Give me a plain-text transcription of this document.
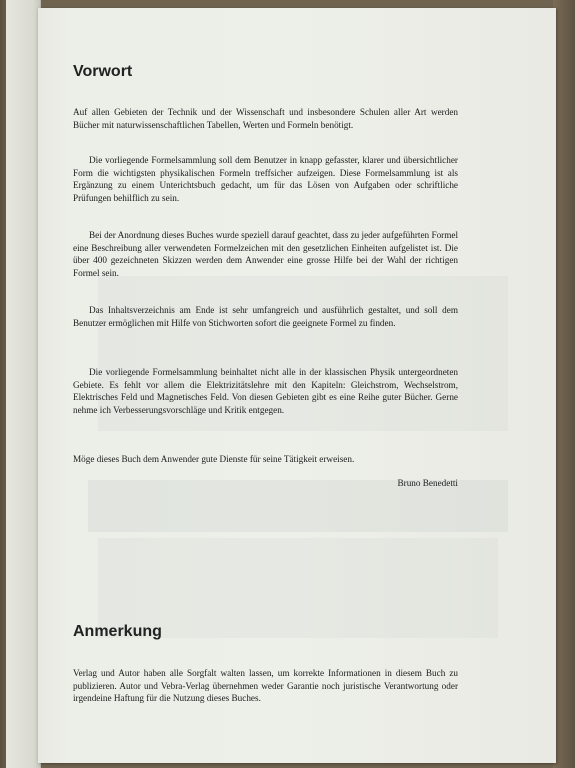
Vorwort

Auf allen Gebieten der Technik und der Wissenschaft und insbesondere Schulen aller Art werden Bücher mit naturwissenschaftlichen Tabellen, Werten und Formeln benötigt.

Die vorliegende Formelsammlung soll dem Benutzer in knapp gefasster, klarer und übersichtlicher Form die wichtigsten physikalischen Formeln treffsicher aufzeigen. Diese Formelsammlung ist als Ergänzung zu einem Unterichtsbuch gedacht, um für das Lösen von Aufgaben oder schriftliche Prüfungen behilflich zu sein.

Bei der Anordnung dieses Buches wurde speziell darauf geachtet, dass zu jeder aufgeführten Formel eine Beschreibung aller verwendeten Formelzeichen mit den gesetzlichen Einheiten aufgelistet ist. Die über 400 gezeichneten Skizzen werden dem Anwender eine grosse Hilfe bei der Wahl der richtigen Formel sein.

Das Inhaltsverzeichnis am Ende ist sehr umfangreich und ausführlich gestaltet, und soll dem Benutzer ermöglichen mit Hilfe von Stichworten sofort die geeignete Formel zu finden.

Die vorliegende Formelsammlung beinhaltet nicht alle in der klassischen Physik untergeordneten Gebiete. Es fehlt vor allem die Elektrizitätslehre mit den Kapiteln: Gleichstrom, Wechselstrom, Elektrisches Feld und Magnetisches Feld. Von diesen Gebieten gibt es eine Reihe guter Bücher. Gerne nehme ich Verbesserungsvorschläge und Kritik entgegen.

Möge dieses Buch dem Anwender gute Dienste für seine Tätigkeit erweisen.

Bruno Benedetti

Anmerkung

Verlag und Autor haben alle Sorgfalt walten lassen, um korrekte Informationen in diesem Buch zu publizieren. Autor und Vebra-Verlag übernehmen weder Garantie noch juristische Verantwortung oder irgendeine Haftung für die Nutzung dieses Buches.
